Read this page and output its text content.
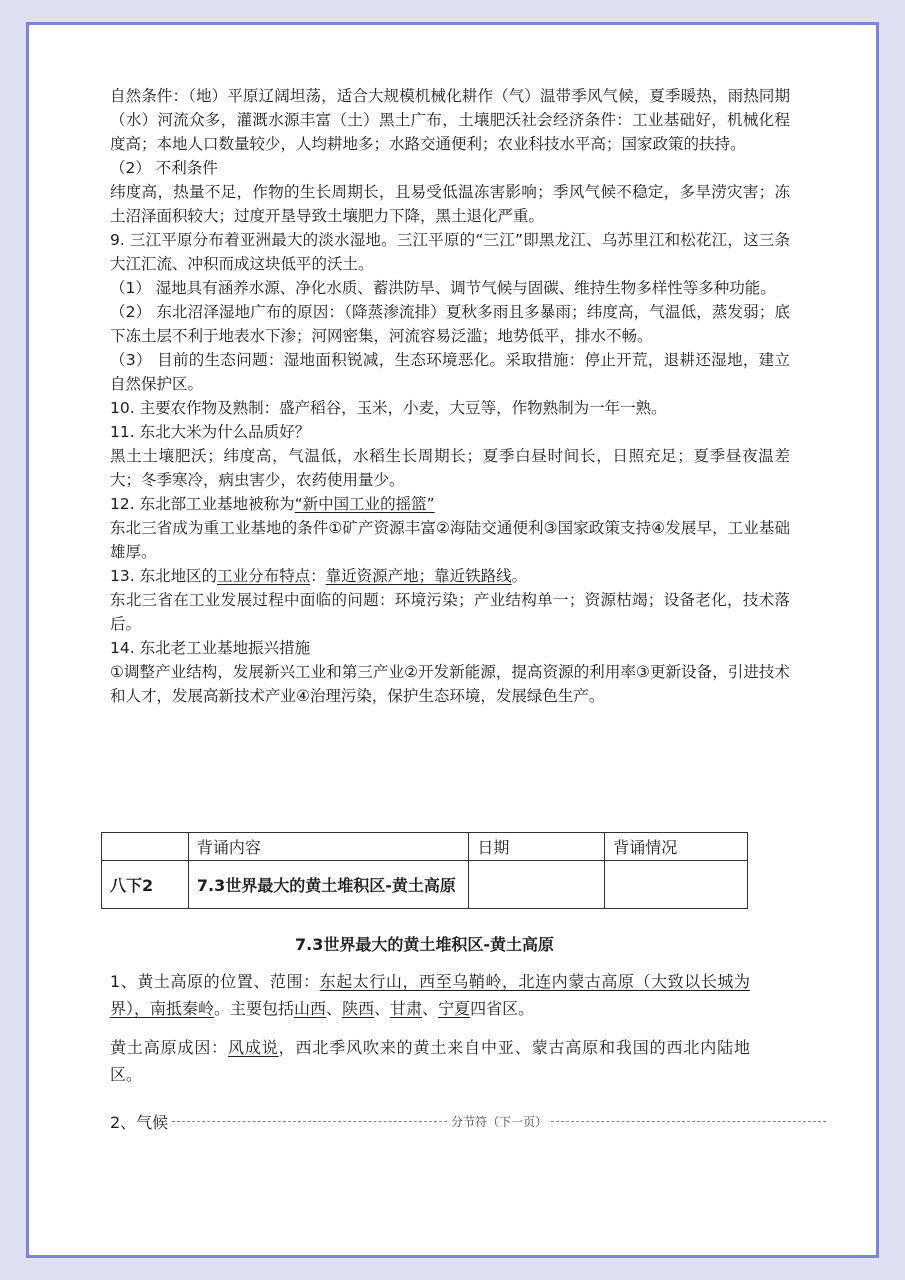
自然条件：（地）平原辽阔坦荡，适合大规模机械化耕作（气）温带季风气候，夏季暖热，雨热同期（水）河流众多，灌溉水源丰富（土）黑土广布，土壤肥沃社会经济条件：工业基础好，机械化程度高；本地人口数量较少，人均耕地多；水路交通便利；农业科技水平高；国家政策的扶持。

（2） 不利条件

纬度高，热量不足，作物的生长周期长，且易受低温冻害影响；季风气候不稳定，多旱涝灾害；冻土沼泽面积较大；过度开垦导致土壤肥力下降，黑土退化严重。

9. 三江平原分布着亚洲最大的淡水湿地。三江平原的“三江”即黑龙江、乌苏里江和松花江，这三条大江汇流、冲积而成这块低平的沃土。

（1） 湿地具有涵养水源、净化水质、蓄洪防旱、调节气候与固碳、维持生物多样性等多种功能。

（2） 东北沼泽湿地广布的原因：（降蒸渗流排）夏秋多雨且多暴雨；纬度高，气温低，蒸发弱；底下冻土层不利于地表水下渗；河网密集，河流容易泛滥；地势低平，排水不畅。

（3） 目前的生态问题：湿地面积锐减，生态环境恶化。采取措施：停止开荒，退耕还湿地，建立自然保护区。

10. 主要农作物及熟制：盛产稻谷，玉米，小麦，大豆等，作物熟制为一年一熟。

11. 东北大米为什么品质好？

黑土土壤肥沃；纬度高，气温低，水稻生长周期长；夏季白昼时间长，日照充足；夏季昼夜温差大；冬季寒冷，病虫害少，农药使用量少。

12. 东北部工业基地被称为“新中国工业的摇篮”

东北三省成为重工业基地的条件①矿产资源丰富②海陆交通便利③国家政策支持④发展早，工业基础雄厚。

13. 东北地区的工业分布特点：靠近资源产地；靠近铁路线。

东北三省在工业发展过程中面临的问题：环境污染；产业结构单一；资源枯竭；设备老化，技术落后。

14. 东北老工业基地振兴措施

①调整产业结构，发展新兴工业和第三产业②开发新能源，提高资源的利用率③更新设备，引进技术和人才，发展高新技术产业④治理污染，保护生态环境，发展绿色生产。

	背诵内容	日期	背诵情况
八下2	7.3世界最大的黄土堆积区-黄土高原		
7.3世界最大的黄土堆积区-黄土高原

1、黄土高原的位置、范围：东起太行山，西至乌鞘岭，北连内蒙古高原（大致以长城为界），南抵秦岭。主要包括山西、陕西、甘肃、宁夏四省区。

黄土高原成因：风成说，西北季风吹来的黄土来自中亚、蒙古高原和我国的西北内陆地区。

2、气候	分节符（下一页）
